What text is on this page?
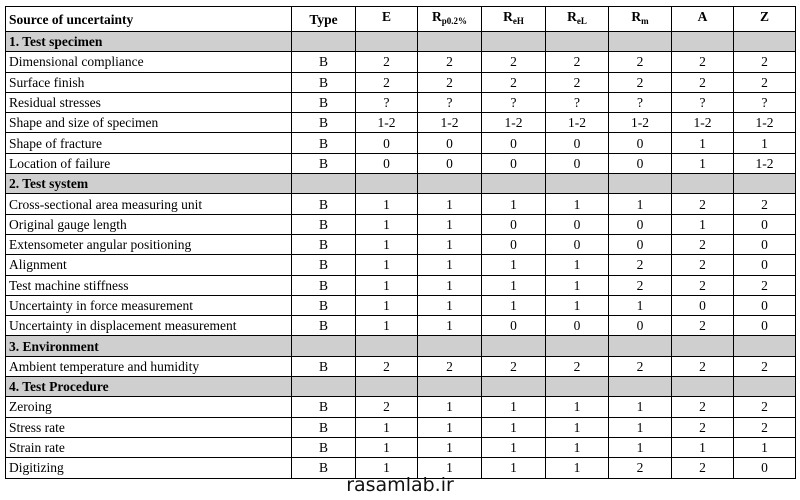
Source of uncertainty	Type	E	$R_{p0.2\%}$	$R_{eH}$	$R_{eL}$	$R_m$	A	Z
1. Test specimen								
Dimensional compliance	B	2	2	2	2	2	2	2
Surface finish	B	2	2	2	2	2	2	2
Residual stresses	B	?	?	?	?	?	?	?
Shape and size of specimen	B	1-2	1-2	1-2	1-2	1-2	1-2	1-2
Shape of fracture	B	0	0	0	0	0	1	1
Location of failure	B	0	0	0	0	0	1	1-2
2. Test system								
Cross-sectional area measuring unit	B	1	1	1	1	1	2	2
Original gauge length	B	1	1	0	0	0	1	0
Extensometer angular positioning	B	1	1	0	0	0	2	0
Alignment	B	1	1	1	1	2	2	0
Test machine stiffness	B	1	1	1	1	2	2	2
Uncertainty in force measurement	B	1	1	1	1	1	0	0
Uncertainty in displacement measurement	B	1	1	0	0	0	2	0
3. Environment								
Ambient temperature and humidity	B	2	2	2	2	2	2	2
4. Test Procedure								
Zeroing	B	2	1	1	1	1	2	2
Stress rate	B	1	1	1	1	1	2	2
Strain rate	B	1	1	1	1	1	1	1
Digitizing	B	1	1	1	1	2	2	0
rasamlab.ir
